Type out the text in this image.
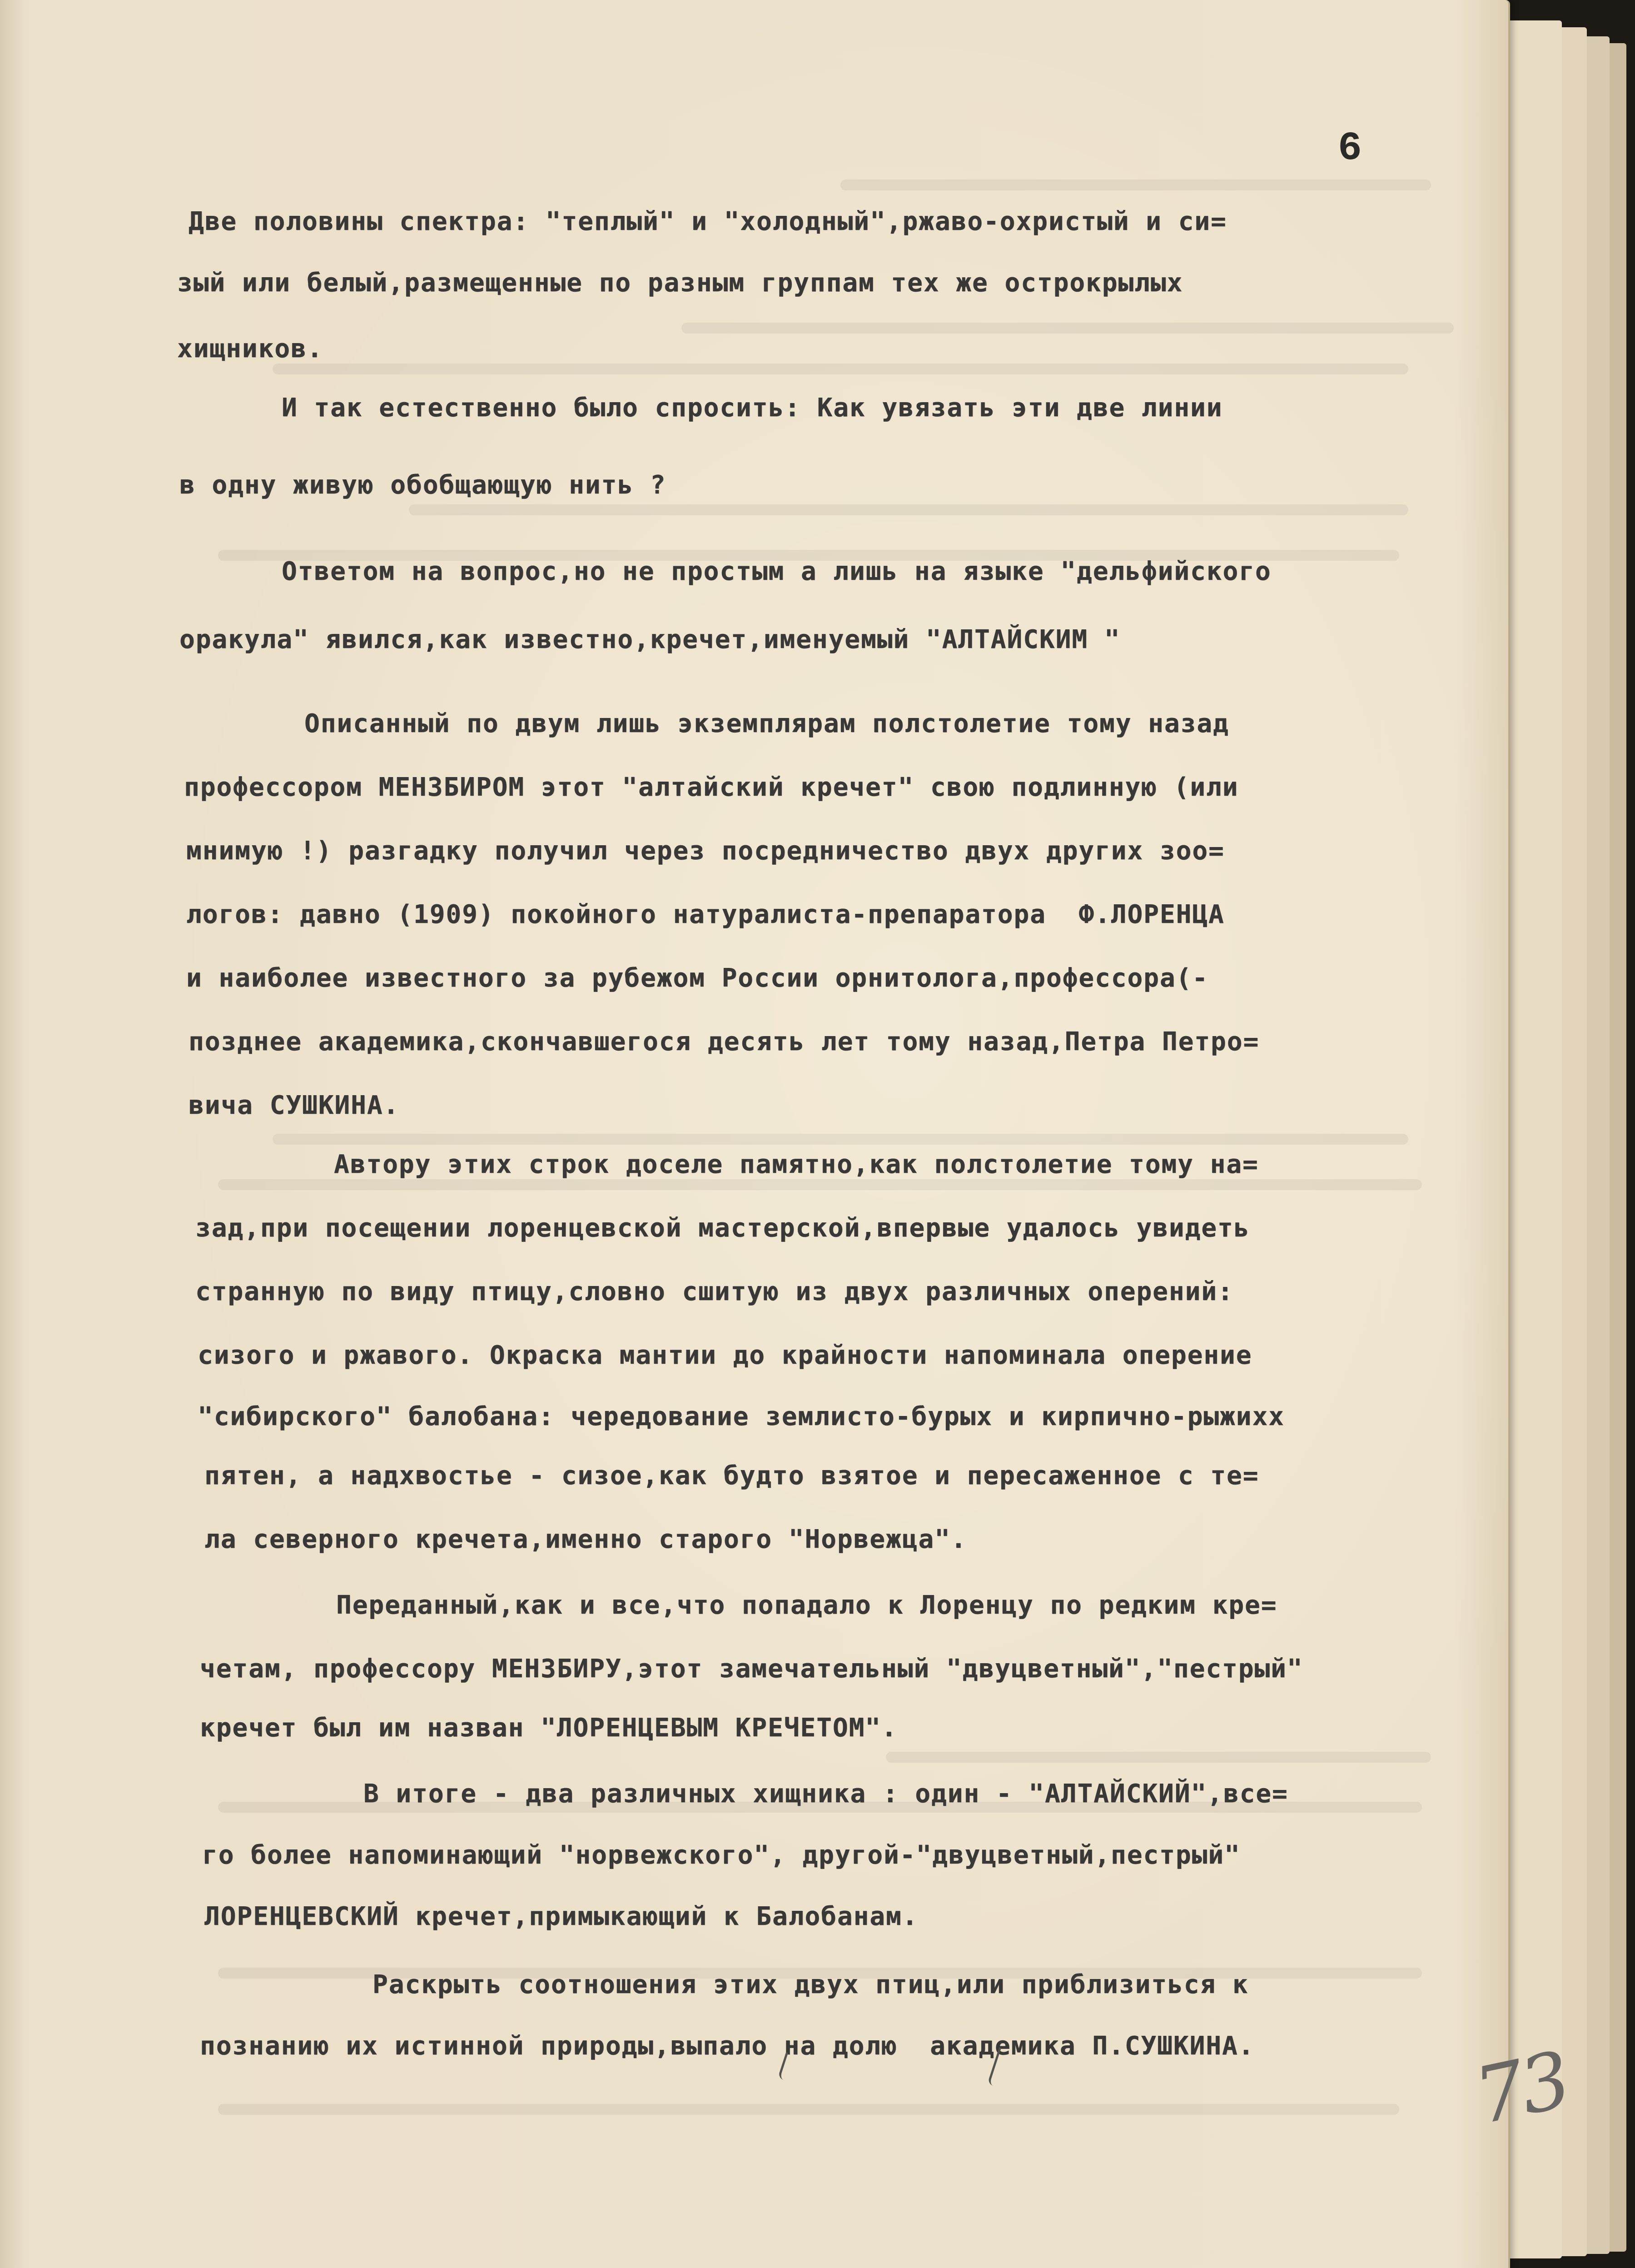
6
Две половины спектра: "теплый" и "холодный",ржаво-охристый и си=
зый или белый,размещенные по разным группам тех же острокрылых
хищников.
И так естественно было спросить: Как увязать эти две линии
в одну живую обобщающую нить ?
Ответом на вопрос,но не простым а лишь на языке "дельфийского
оракула" явился,как известно,кречет,именуемый "АЛТАЙСКИМ "
Описанный по двум лишь экземплярам полстолетие тому назад
профессором МЕНЗБИРОМ этот "алтайский кречет" свою подлинную (или
мнимую !) разгадку получил через посредничество двух других зоо=
логов: давно (1909) покойного натуралиста-препаратора  Ф.ЛОРЕНЦА
и наиболее известного за рубежом России орнитолога,профессора(-
позднее академика,скончавшегося десять лет тому назад,Петра Петро=
вича СУШКИНА.
Автору этих строк доселе памятно,как полстолетие тому на=
зад,при посещении лоренцевской мастерской,впервые удалось увидеть
странную по виду птицу,словно сшитую из двух различных оперений:
сизого и ржавого. Окраска мантии до крайности напоминала оперение
"сибирского" балобана: чередование землисто-бурых и кирпично-рыжихх
пятен, а надхвостье - сизое,как будто взятое и пересаженное с те=
ла северного кречета,именно старого "Норвежца".
Переданный,как и все,что попадало к Лоренцу по редким кре=
четам, профессору МЕНЗБИРУ,этот замечательный "двуцветный","пестрый"
кречет был им назван "ЛОРЕНЦЕВЫМ КРЕЧЕТОМ".
В итоге - два различных хищника : один - "АЛТАЙСКИЙ",все=
го более напоминающий "норвежского", другой-"двуцветный,пестрый"
ЛОРЕНЦЕВСКИЙ кречет,примыкающий к Балобанам.
Раскрыть соотношения этих двух птиц,или приблизиться к
познанию их истинной природы,выпало на долю  академика П.СУШКИНА.	73
